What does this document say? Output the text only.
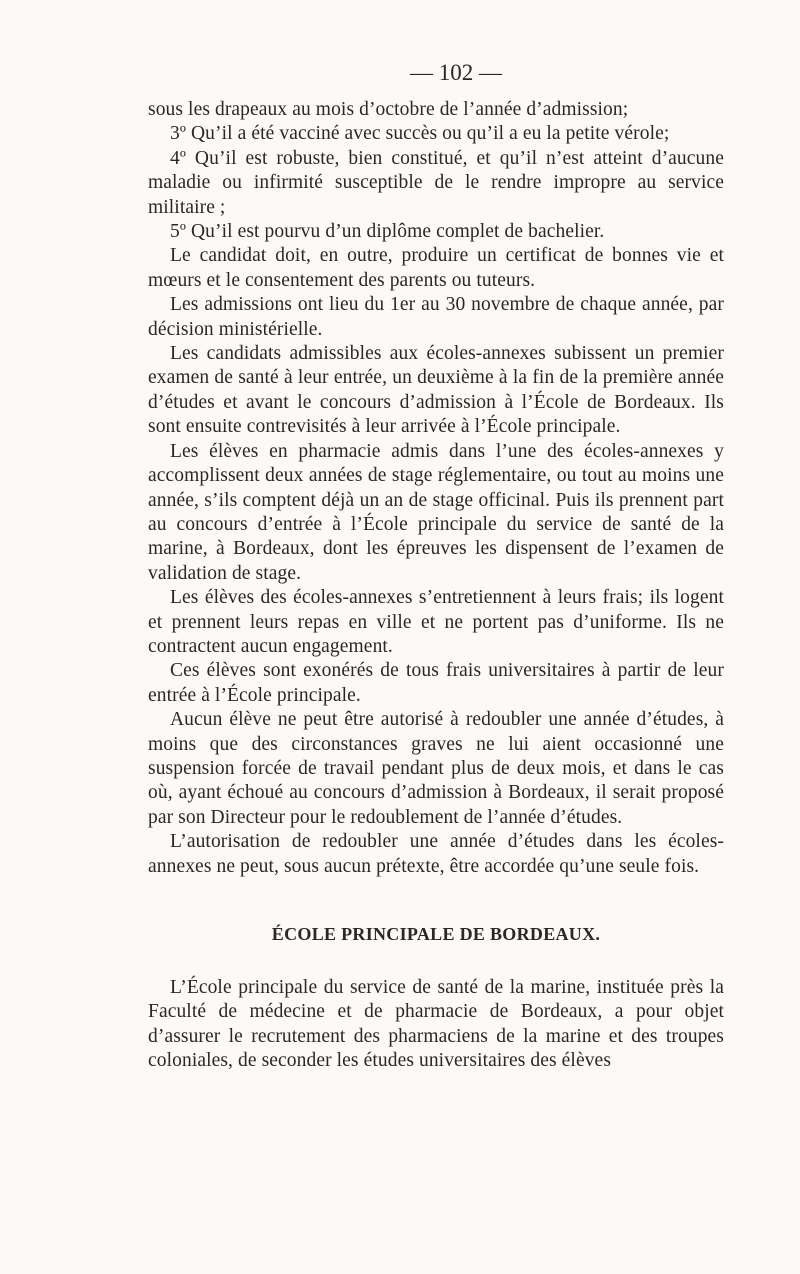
— 102 —

sous les drapeaux au mois d’octobre de l’année d’admission;

3º Qu’il a été vacciné avec succès ou qu’il a eu la petite vérole;

4º Qu’il est robuste, bien constitué, et qu’il n’est atteint d’aucune maladie ou infirmité susceptible de le rendre impropre au service militaire ;

5º Qu’il est pourvu d’un diplôme complet de bachelier.

Le candidat doit, en outre, produire un certificat de bonnes vie et mœurs et le consentement des parents ou tuteurs.

Les admissions ont lieu du 1er au 30 novembre de chaque année, par décision ministérielle.

Les candidats admissibles aux écoles-annexes subissent un premier examen de santé à leur entrée, un deuxième à la fin de la première année d’études et avant le concours d’admission à l’École de Bordeaux. Ils sont ensuite contrevisités à leur arrivée à l’École principale.

Les élèves en pharmacie admis dans l’une des écoles-annexes y accomplissent deux années de stage réglementaire, ou tout au moins une année, s’ils comptent déjà un an de stage officinal. Puis ils prennent part au concours d’entrée à l’École principale du service de santé de la marine, à Bordeaux, dont les épreuves les dispensent de l’examen de validation de stage.

Les élèves des écoles-annexes s’entretiennent à leurs frais; ils logent et prennent leurs repas en ville et ne portent pas d’uniforme. Ils ne contractent aucun engagement.

Ces élèves sont exonérés de tous frais universitaires à partir de leur entrée à l’École principale.

Aucun élève ne peut être autorisé à redoubler une année d’études, à moins que des circonstances graves ne lui aient occasionné une suspension forcée de travail pendant plus de deux mois, et dans le cas où, ayant échoué au concours d’admission à Bordeaux, il serait proposé par son Directeur pour le redoublement de l’année d’études.

L’autorisation de redoubler une année d’études dans les écoles-annexes ne peut, sous aucun prétexte, être accordée qu’une seule fois.

ÉCOLE PRINCIPALE DE BORDEAUX.

L’École principale du service de santé de la marine, instituée près la Faculté de médecine et de pharmacie de Bordeaux, a pour objet d’assurer le recrutement des pharmaciens de la marine et des troupes coloniales, de seconder les études universitaires des élèves
